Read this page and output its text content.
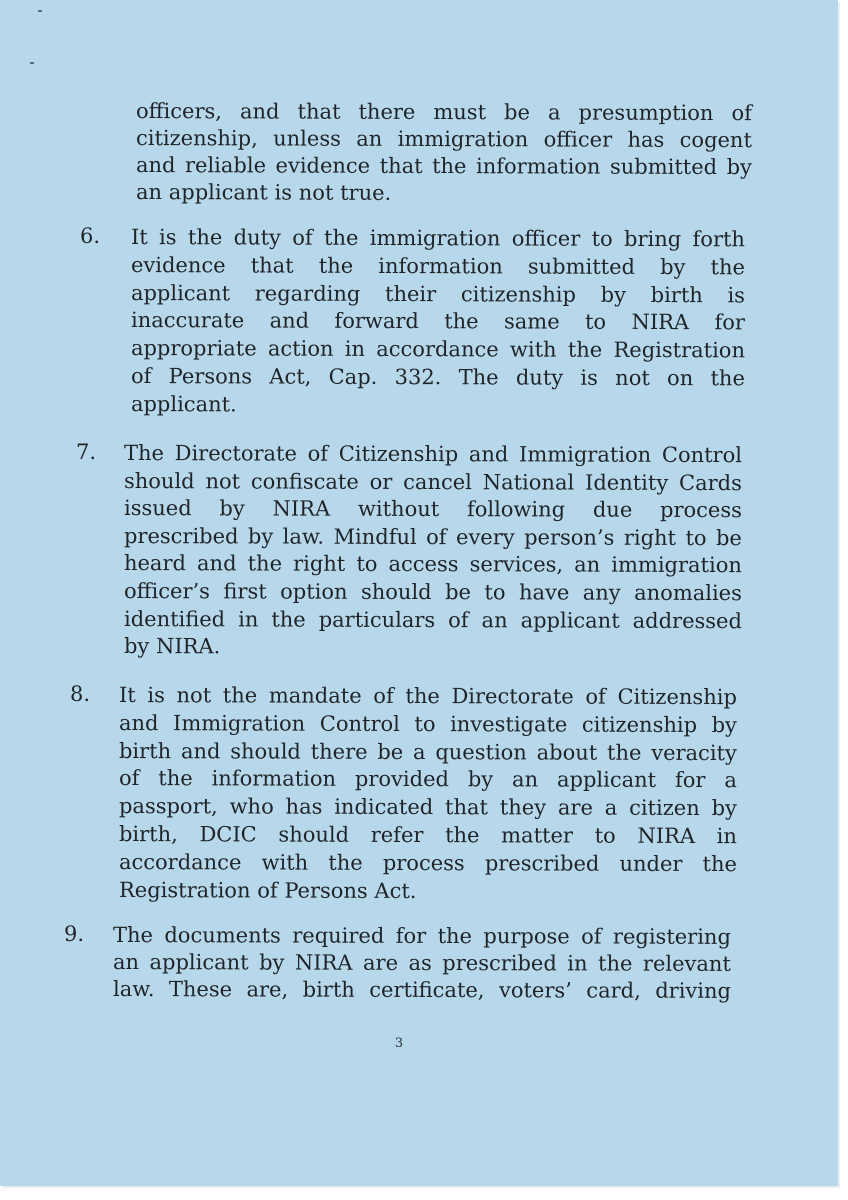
officers, and that there must be a presumption of

citizenship, unless an immigration officer has cogent

and reliable evidence that the information submitted by

an applicant is not true.

6. It is the duty of the immigration officer to bring forth

evidence that the information submitted by the

applicant regarding their citizenship by birth is

inaccurate and forward the same to NIRA for

appropriate action in accordance with the Registration

of Persons Act, Cap. 332. The duty is not on the

applicant.

7. The Directorate of Citizenship and Immigration Control

should not confiscate or cancel National Identity Cards

issued by NIRA without following due process

prescribed by law. Mindful of every person’s right to be

heard and the right to access services, an immigration

officer’s first option should be to have any anomalies

identified in the particulars of an applicant addressed

by NIRA.

8. It is not the mandate of the Directorate of Citizenship

and Immigration Control to investigate citizenship by

birth and should there be a question about the veracity

of the information provided by an applicant for a

passport, who has indicated that they are a citizen by

birth, DCIC should refer the matter to NIRA in

accordance with the process prescribed under the

Registration of Persons Act.

9. The documents required for the purpose of registering

an applicant by NIRA are as prescribed in the relevant

law. These are, birth certificate, voters’ card, driving

3
